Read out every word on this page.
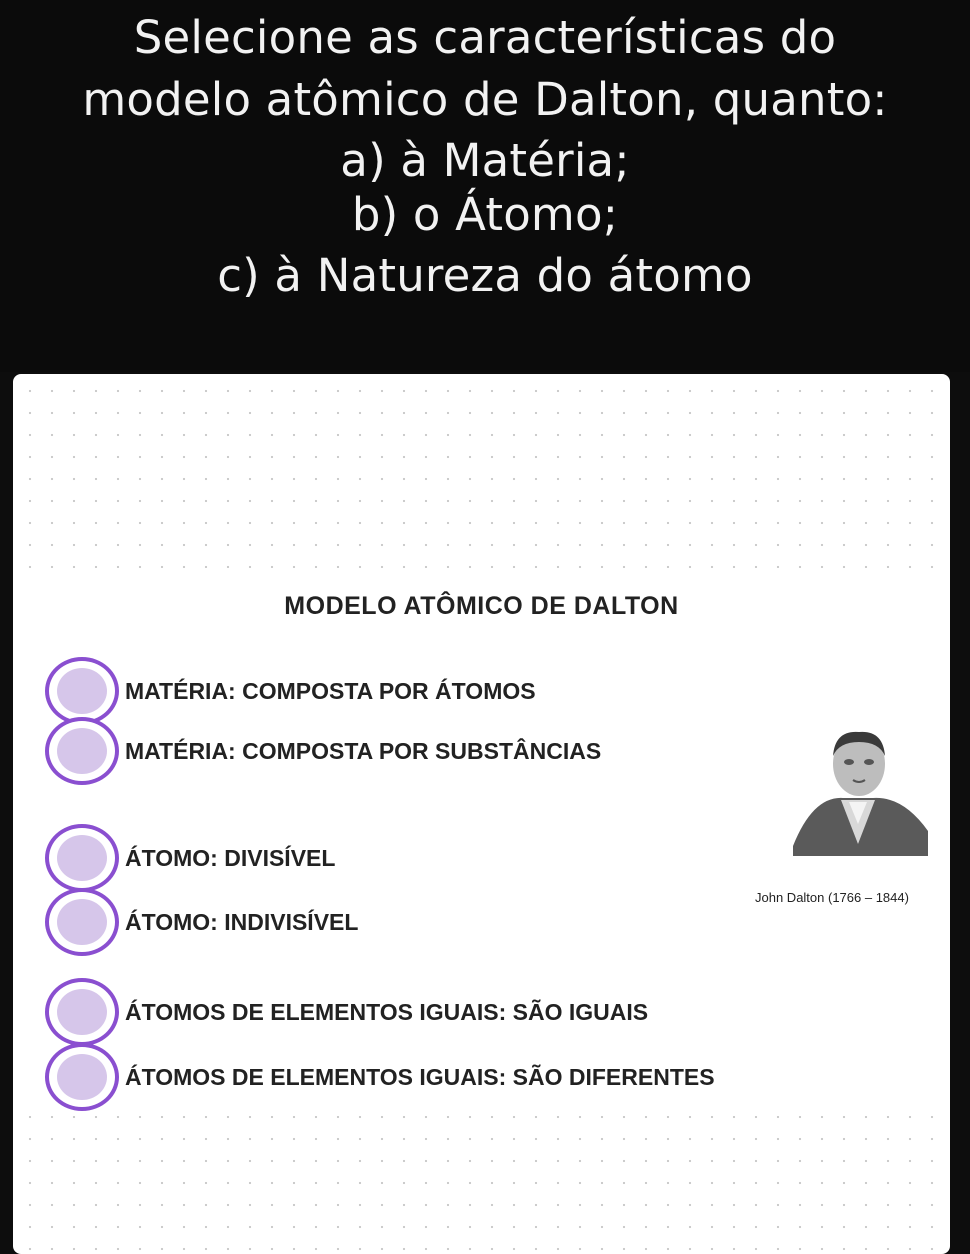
Selecione as características do
modelo atômico de Dalton, quanto:
a) à Matéria;
b) o Átomo;
c) à Natureza do átomo
MODELO ATÔMICO DE DALTON
MATÉRIA: COMPOSTA POR ÁTOMOS
MATÉRIA: COMPOSTA POR SUBSTÂNCIAS
ÁTOMO: DIVISÍVEL
ÁTOMO: INDIVISÍVEL
ÁTOMOS DE ELEMENTOS IGUAIS: SÃO IGUAIS
ÁTOMOS DE ELEMENTOS IGUAIS: SÃO DIFERENTES
John Dalton (1766 – 1844)
